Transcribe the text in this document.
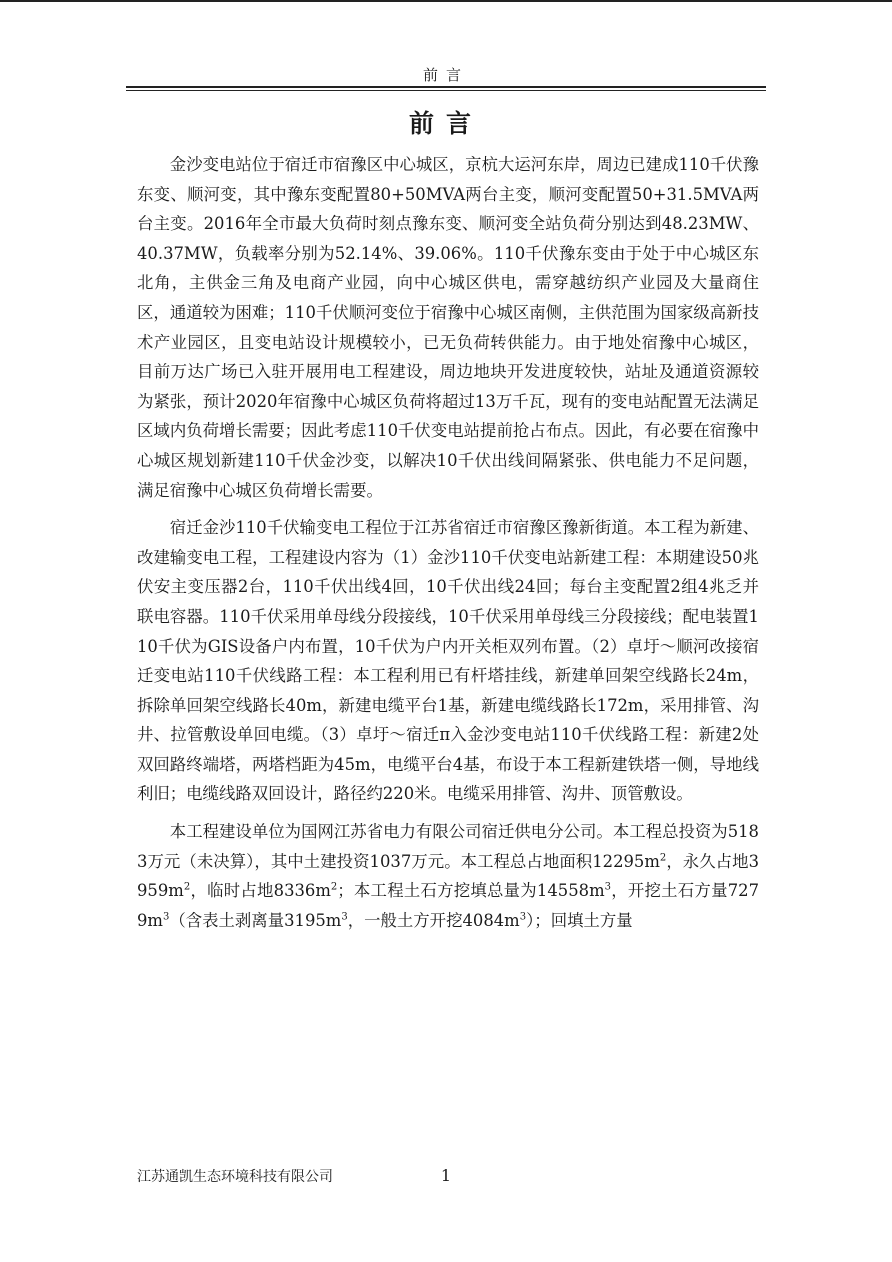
前言
前言

金沙变电站位于宿迁市宿豫区中心城区，京杭大运河东岸，周边已建成110千伏豫东变、顺河变，其中豫东变配置80+50MVA两台主变，顺河变配置50+31.5MVA两台主变。2016年全市最大负荷时刻点豫东变、顺河变全站负荷分别达到48.23MW、40.37MW，负载率分别为52.14%、39.06%。110千伏豫东变由于处于中心城区东北角，主供金三角及电商产业园，向中心城区供电，需穿越纺织产业园及大量商住区，通道较为困难；110千伏顺河变位于宿豫中心城区南侧，主供范围为国家级高新技术产业园区，且变电站设计规模较小，已无负荷转供能力。由于地处宿豫中心城区，目前万达广场已入驻开展用电工程建设，周边地块开发进度较快，站址及通道资源较为紧张，预计2020年宿豫中心城区负荷将超过13万千瓦，现有的变电站配置无法满足区域内负荷增长需要；因此考虑110千伏变电站提前抢占布点。因此，有必要在宿豫中心城区规划新建110千伏金沙变，以解决10千伏出线间隔紧张、供电能力不足问题，满足宿豫中心城区负荷增长需要。

宿迁金沙110千伏输变电工程位于江苏省宿迁市宿豫区豫新街道。本工程为新建、改建输变电工程，工程建设内容为（1）金沙110千伏变电站新建工程：本期建设50兆伏安主变压器2台，110千伏出线4回，10千伏出线24回；每台主变配置2组4兆乏并联电容器。110千伏采用单母线分段接线，10千伏采用单母线三分段接线；配电装置110千伏为GIS设备户内布置，10千伏为户内开关柜双列布置。（2）卓圩～顺河改接宿迁变电站110千伏线路工程：本工程利用已有杆塔挂线，新建单回架空线路长24m，拆除单回架空线路长40m，新建电缆平台1基，新建电缆线路长172m，采用排管、沟井、拉管敷设单回电缆。（3）卓圩～宿迁π入金沙变电站110千伏线路工程：新建2处双回路终端塔，两塔档距为45m，电缆平台4基，布设于本工程新建铁塔一侧，导地线利旧；电缆线路双回设计，路径约220米。电缆采用排管、沟井、顶管敷设。

本工程建设单位为国网江苏省电力有限公司宿迁供电分公司。本工程总投资为5183万元（未决算），其中土建投资1037万元。本工程总占地面积$12295m^2$，永久占地$3959m^2$，临时占地$8336m^2$；本工程土石方挖填总量为$14558m^3$，开挖土石方量$7279m^3$（含表土剥离量$3195m^3$，一般土方开挖$4084m^3$）；回填土方量

江苏通凯生态环境科技有限公司	1
